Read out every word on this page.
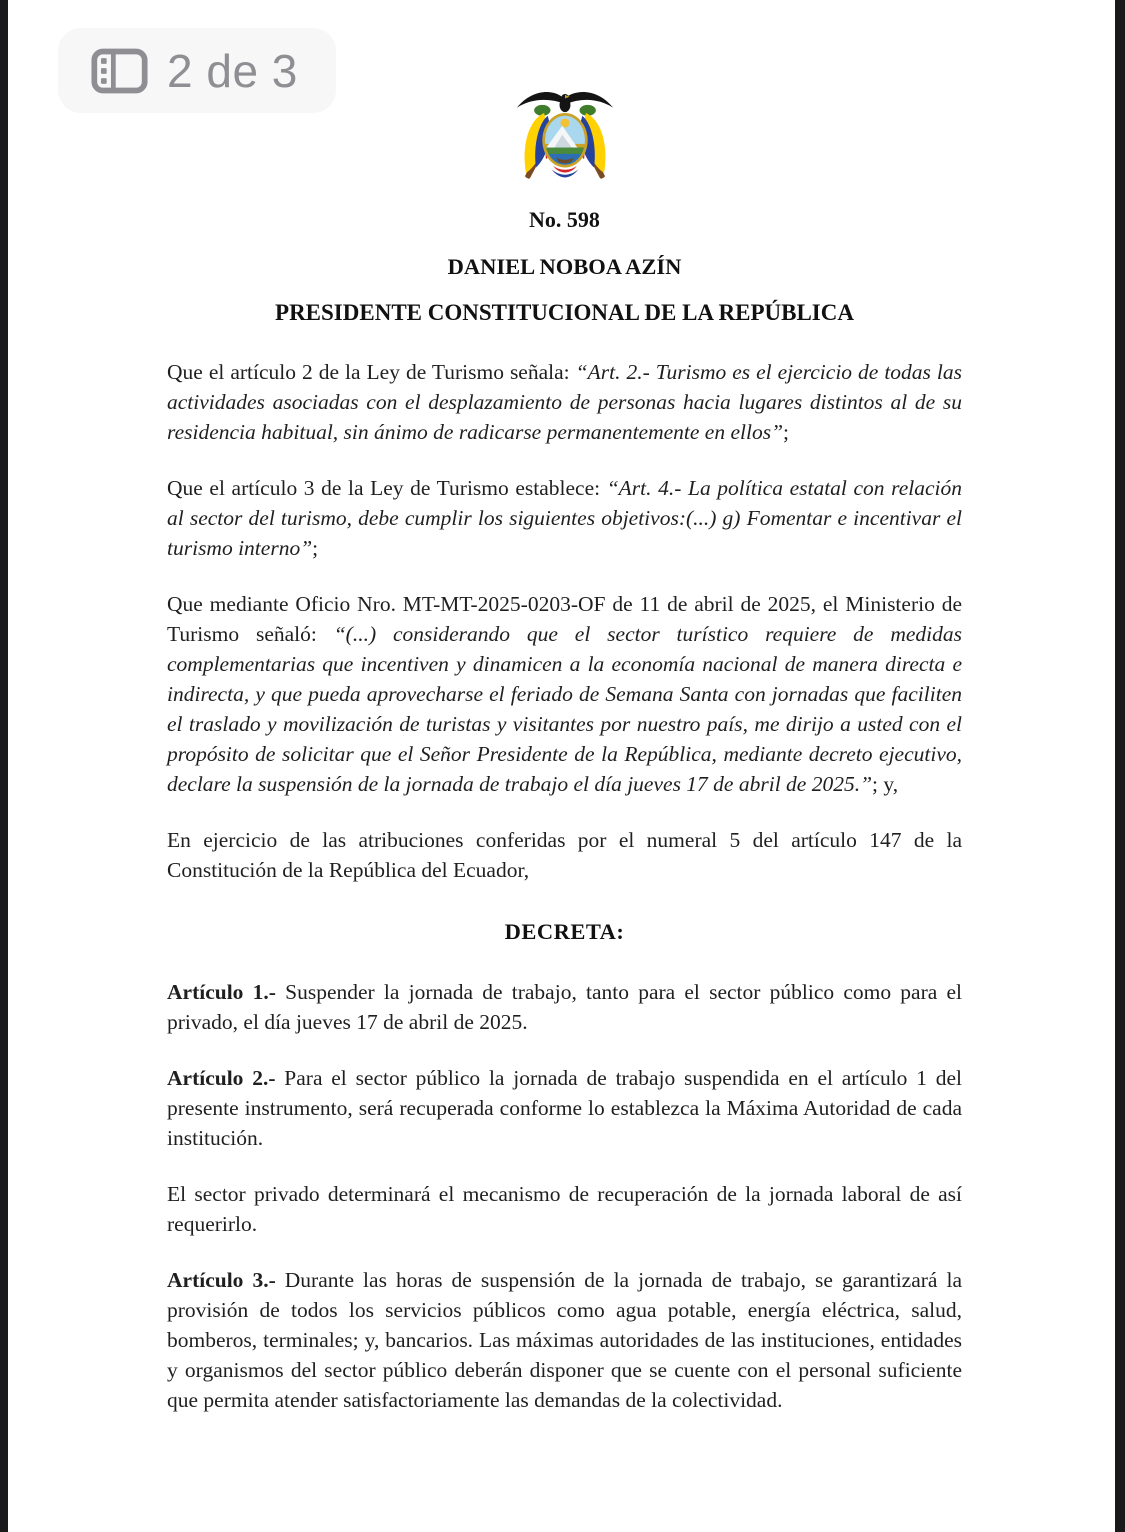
No. 598

DANIEL NOBOA AZÍN

PRESIDENTE CONSTITUCIONAL DE LA REPÚBLICA

Que el artículo 2 de la Ley de Turismo señala: “Art. 2.- Turismo es el ejercicio de todas las actividades asociadas con el desplazamiento de personas hacia lugares distintos al de su residencia habitual, sin ánimo de radicarse permanentemente en ellos”;

Que el artículo 3 de la Ley de Turismo establece: “Art. 4.- La política estatal con relación al sector del turismo, debe cumplir los siguientes objetivos:(...) g) Fomentar e incentivar el turismo interno”;

Que mediante Oficio Nro. MT-MT-2025-0203-OF de 11 de abril de 2025, el Ministerio de Turismo señaló: “(...) considerando que el sector turístico requiere de medidas complementarias que incentiven y dinamicen a la economía nacional de manera directa e indirecta, y que pueda aprovecharse el feriado de Semana Santa con jornadas que faciliten el traslado y movilización de turistas y visitantes por nuestro país, me dirijo a usted con el propósito de solicitar que el Señor Presidente de la República, mediante decreto ejecutivo, declare la suspensión de la jornada de trabajo el día jueves 17 de abril de 2025.”; y,

En ejercicio de las atribuciones conferidas por el numeral 5 del artículo 147 de la Constitución de la República del Ecuador,

DECRETA:

Artículo 1.- Suspender la jornada de trabajo, tanto para el sector público como para el privado, el día jueves 17 de abril de 2025.

Artículo 2.- Para el sector público la jornada de trabajo suspendida en el artículo 1 del presente instrumento, será recuperada conforme lo establezca la Máxima Autoridad de cada institución.

El sector privado determinará el mecanismo de recuperación de la jornada laboral de así requerirlo.

Artículo 3.- Durante las horas de suspensión de la jornada de trabajo, se garantizará la provisión de todos los servicios públicos como agua potable, energía eléctrica, salud, bomberos, terminales; y, bancarios. Las máximas autoridades de las instituciones, entidades y organismos del sector público deberán disponer que se cuente con el personal suficiente que permita atender satisfactoriamente las demandas de la colectividad.

2 de 3
